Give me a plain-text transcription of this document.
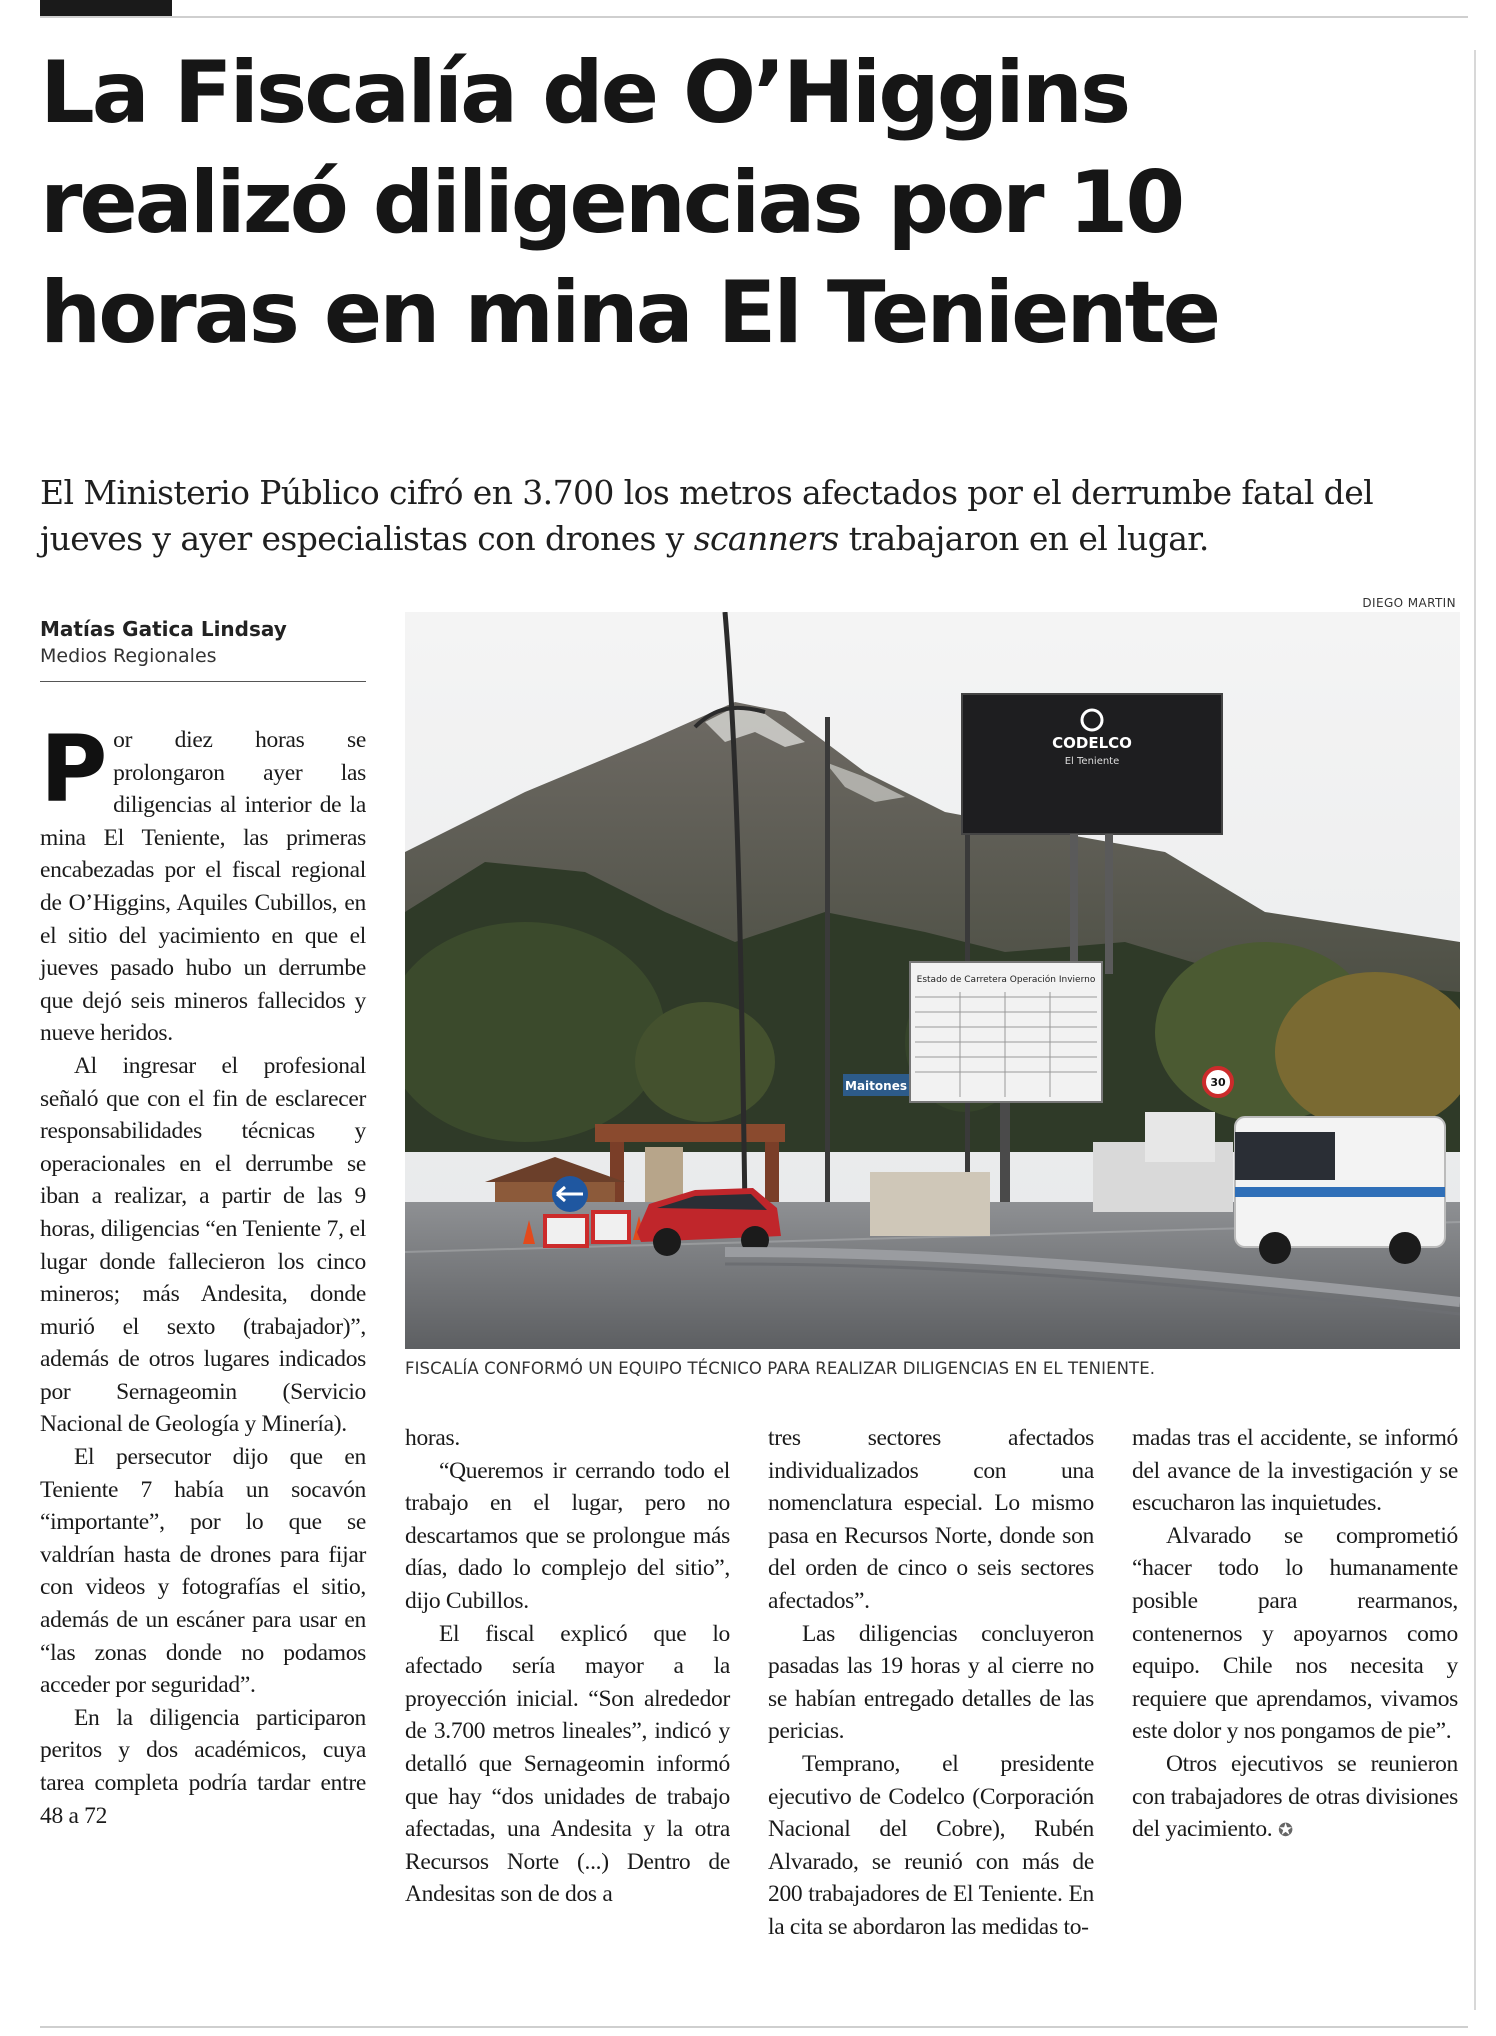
La Fiscalía de O’Higgins realizó diligencias por 10 horas en mina El Teniente

El Ministerio Público cifró en 3.700 los metros afectados por el derrumbe fatal del jueves y ayer especialistas con drones y scanners trabajaron en el lugar.

DIEGO MARTIN
Matías Gatica Lindsay
Medios Regionales

Por diez horas se prolongaron ayer las diligencias al interior de la mina El Teniente, las primeras encabezadas por el fiscal regional de O’Higgins, Aquiles Cubillos, en el sitio del yacimiento en que el jueves pasado hubo un derrumbe que dejó seis mineros fallecidos y nueve heridos.

Al ingresar el profesional señaló que con el fin de esclarecer responsabilidades técnicas y operacionales en el derrumbe se iban a realizar, a partir de las 9 horas, diligencias “en Teniente 7, el lugar donde fallecieron los cinco mineros; más Andesita, donde murió el sexto (trabajador)”, además de otros lugares indicados por Sernageomin (Servicio Nacional de Geología y Minería).

El persecutor dijo que en Teniente 7 había un socavón “importante”, por lo que se valdrían hasta de drones para fijar con videos y fotografías el sitio, además de un escáner para usar en “las zonas donde no podamos acceder por seguridad”.

En la diligencia participaron peritos y dos académicos, cuya tarea completa podría tardar entre 48 a 72

CODELCO
El Teniente
Estado de Carretera Operación Invierno
Maitones	30
FISCALÍA CONFORMÓ UN EQUIPO TÉCNICO PARA REALIZAR DILIGENCIAS EN EL TENIENTE.

horas.

“Queremos ir cerrando todo el trabajo en el lugar, pero no descartamos que se prolongue más días, dado lo complejo del sitio”, dijo Cubillos.

El fiscal explicó que lo afectado sería mayor a la proyección inicial. “Son alrededor de 3.700 metros lineales”, indicó y detalló que Sernageomin informó que hay “dos unidades de trabajo afectadas, una Andesita y la otra Recursos Norte (...) Dentro de Andesitas son de dos a

tres sectores afectados individualizados con una nomenclatura especial. Lo mismo pasa en Recursos Norte, donde son del orden de cinco o seis sectores afectados”.

Las diligencias concluyeron pasadas las 19 horas y al cierre no se habían entregado detalles de las pericias.

Temprano, el presidente ejecutivo de Codelco (Corporación Nacional del Cobre), Rubén Alvarado, se reunió con más de 200 trabajadores de El Teniente. En la cita se abordaron las medidas to-

madas tras el accidente, se informó del avance de la investigación y se escucharon las inquietudes.

Alvarado se comprometió “hacer todo lo humanamente posible para rearmanos, contenernos y apoyarnos como equipo. Chile nos necesita y requiere que aprendamos, vivamos este dolor y nos pongamos de pie”.

Otros ejecutivos se reunieron con trabajadores de otras divisiones del yacimiento. ✪
